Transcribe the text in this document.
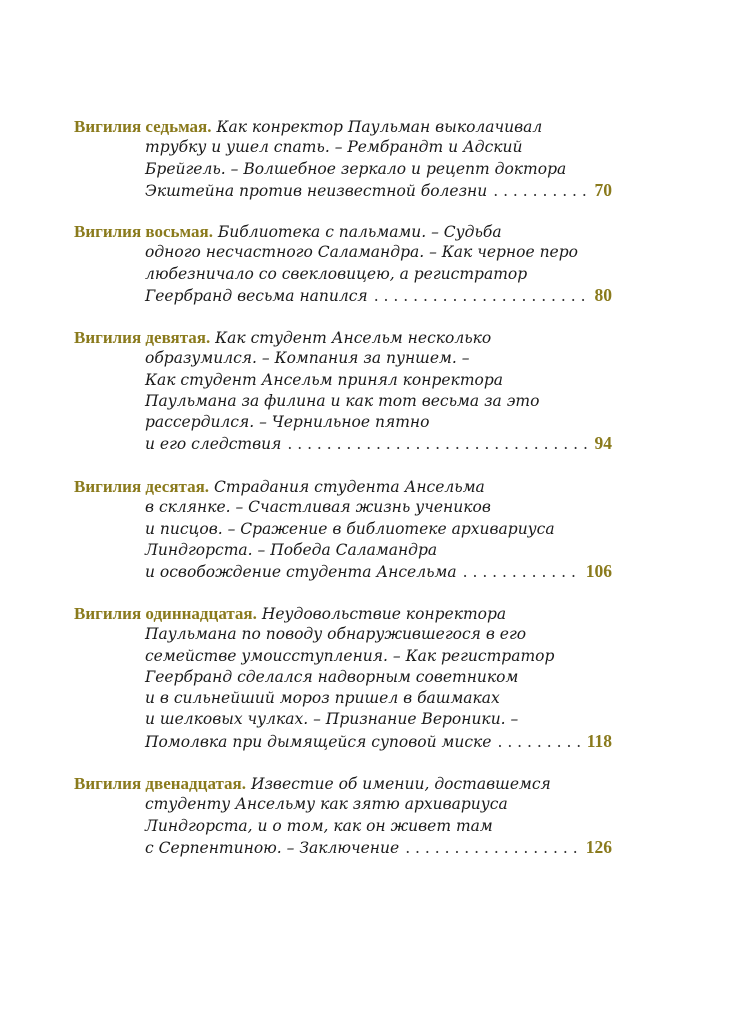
Вигилия седьмая. Как конректор Паульман выколачивал
трубку и ушел спать. – Рембрандт и Адский
Брейгель. – Волшебное зеркало и рецепт доктора
Экштейна против неизвестной болезни . . .	70
Вигилия восьмая. Библиотека с пальмами. – Судьба
одного несчастного Саламандра. – Как черное перо
любезничало со свекловицею, а регистратор
Геербранд весьма напился . . .	80
Вигилия девятая. Как студент Ансельм несколько
образумился. – Компания за пуншем. –
Как студент Ансельм принял конректора
Паульмана за филина и как тот весьма за это
рассердился. – Чернильное пятно
и его следствия . . .	94
Вигилия десятая. Страдания студента Ансельма
в склянке. – Счастливая жизнь учеников
и писцов. – Сражение в библиотеке архивариуса
Линдгорста. – Победа Саламандра
и освобождение студента Ансельма . . .	106
Вигилия одиннадцатая. Неудовольствие конректора
Паульмана по поводу обнаружившегося в его
семействе умоисступления. – Как регистратор
Геербранд сделался надворным советником
и в сильнейший мороз пришел в башмаках
и шелковых чулках. – Признание Вероники. –
Помолвка при дымящейся суповой миске . . .	118
Вигилия двенадцатая. Известие об имении, доставшемся
студенту Ансельму как зятю архивариуса
Линдгорста, и о том, как он живет там
с Серпентиною. – Заключение . . .	126
